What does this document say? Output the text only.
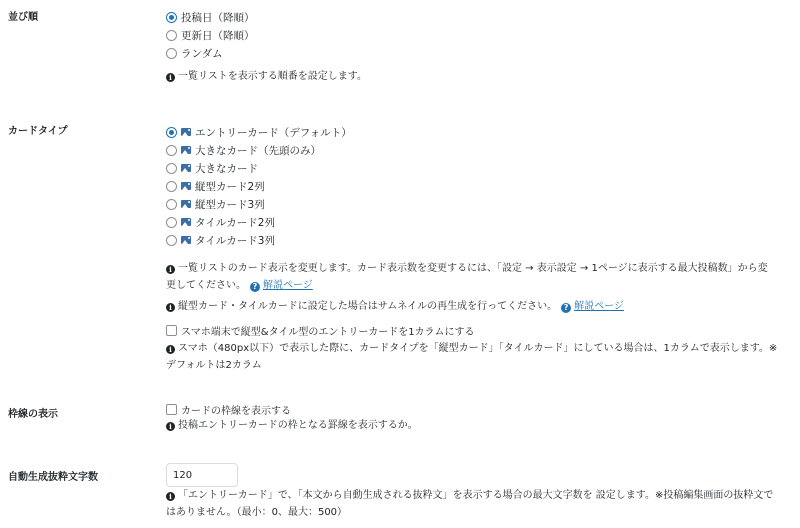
並び順	投稿日（降順）
更新日（降順）
ランダム
i 一覧リストを表示する順番を設定します。
カードタイプ	エントリーカード（デフォルト）
大きなカード（先頭のみ）
大きなカード
縦型カード2列
縦型カード3列
タイルカード2列
タイルカード3列
i 一覧リストのカード表示を変更します。カード表示数を変更するには、「設定 → 表示設定 → 1ページに表示する最大投稿数」から変
更してください。 ? 解説ページ
i 縦型カード・タイルカードに設定した場合はサムネイルの再生成を行ってください。 ? 解説ページ
スマホ端末で縦型&タイル型のエントリーカードを1カラムにする
i スマホ（480px以下）で表示した際に、カードタイプを「縦型カード」「タイルカード」にしている場合は、1カラムで表示します。※
デフォルトは2カラム
枠線の表示	カードの枠線を表示する
i 投稿エントリーカードの枠となる罫線を表示するか。
自動生成抜粋文字数
120
i 「エントリーカード」で、「本文から自動生成される抜粋文」を表示する場合の最大文字数を 設定します。※投稿編集画面の抜粋文で
はありません。（最小：0、最大：500）
